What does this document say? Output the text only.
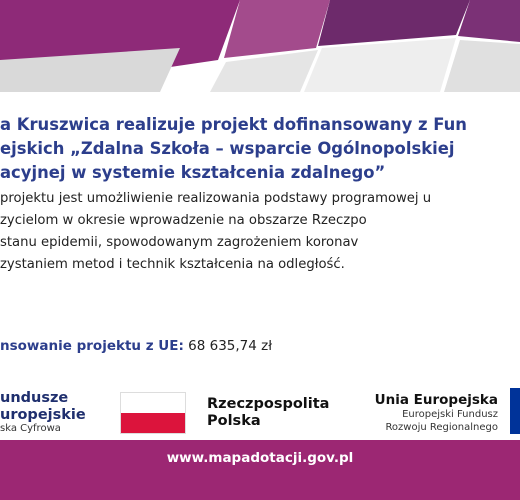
a Kruszwica realizuje projekt dofinansowany z Fun
ejskich „Zdalna Szkoła – wsparcie Ogólnopolskiej
acyjnej w systemie kształcenia zdalnego”
projektu jest umożliwienie realizowania podstawy programowej u
zycielom w okresie wprowadzenie na obszarze Rzeczpo
stanu epidemii, spowodowanym zagrożeniem koronav
zystaniem metod i technik kształcenia na odległość.
nsowanie projektu z UE: 68 635,74 zł
undusze
uropejskie
ska Cyfrowa
Rzeczpospolita
Polska
Unia Europejska
Europejski Fundusz
Rozwoju Regionalnego
www.mapadotacji.gov.pl
